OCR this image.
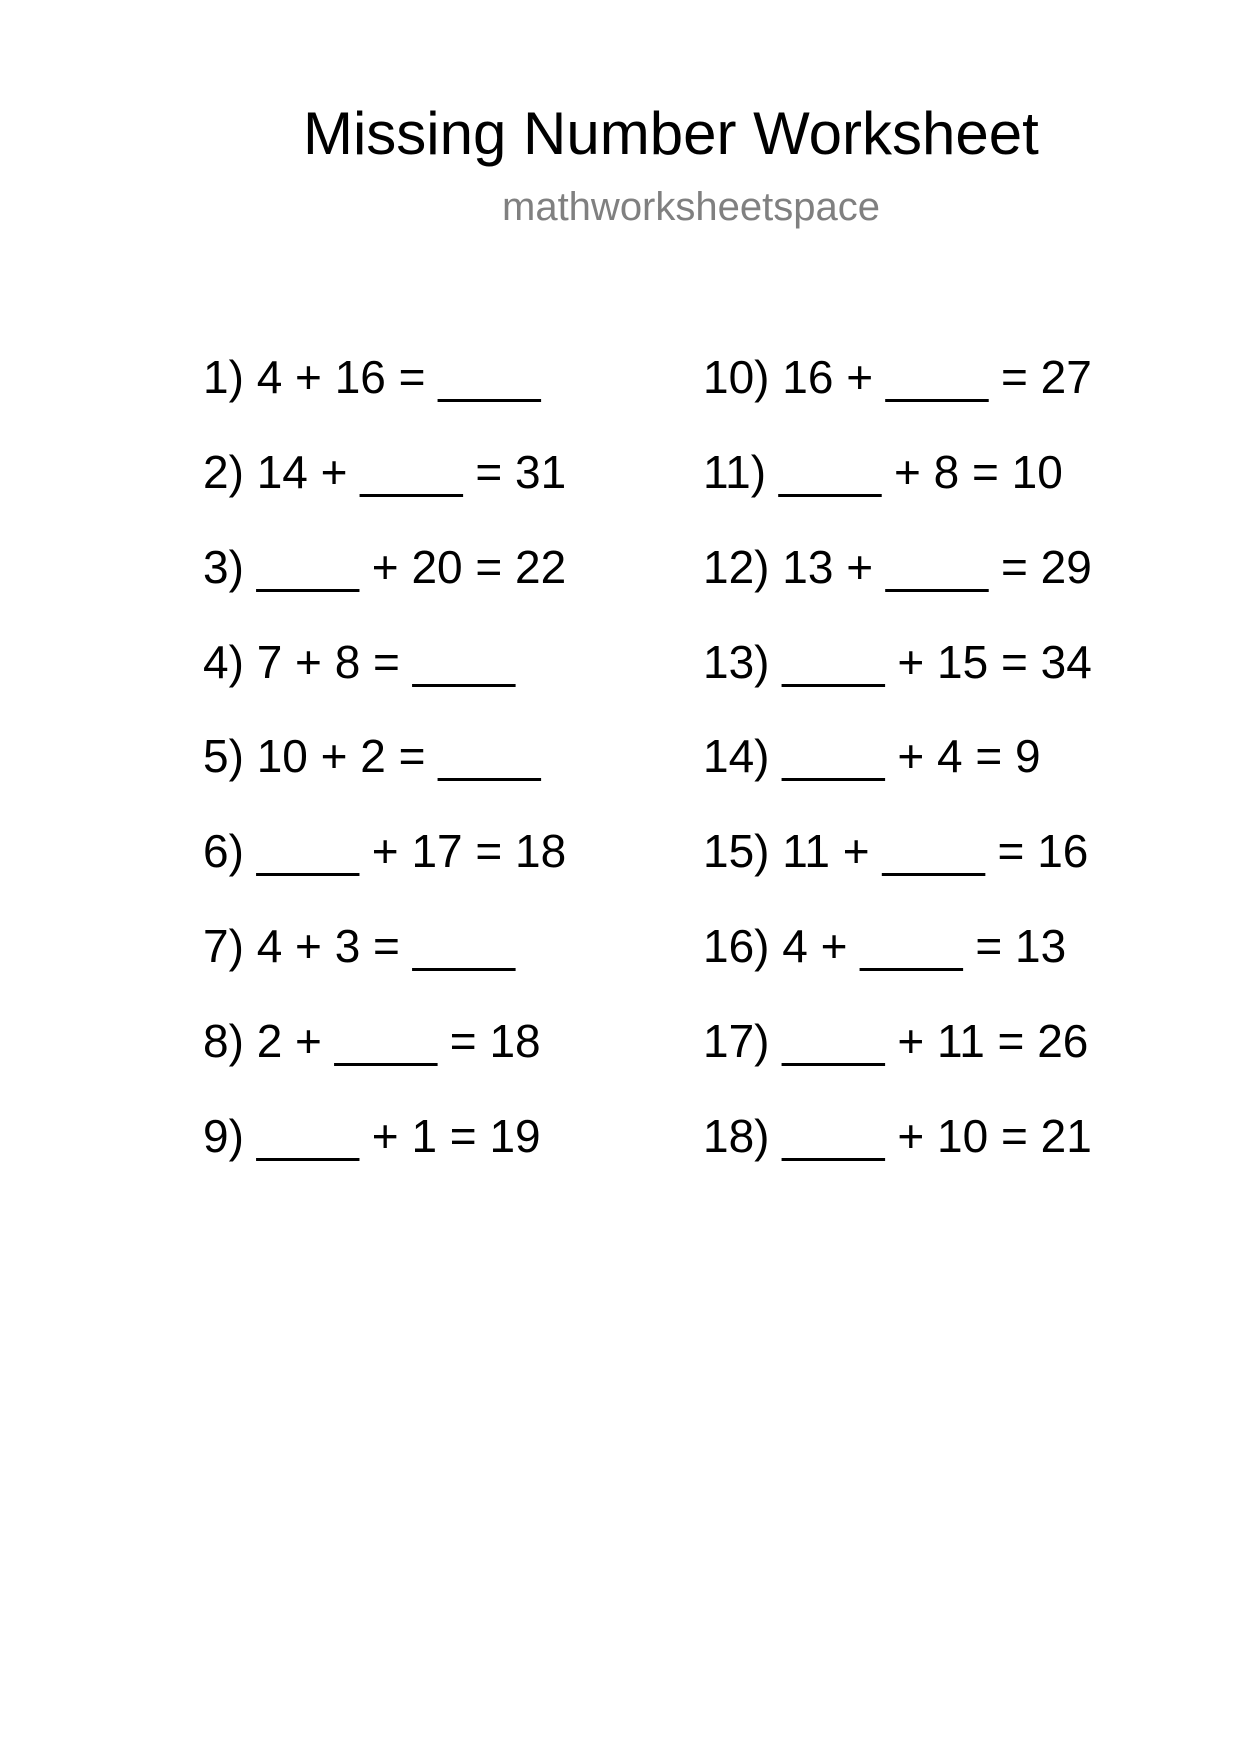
Missing Number Worksheet
mathworksheetspace
1) 4 + 16 = ____
2) 14 + ____ = 31
3) ____ + 20 = 22
4) 7 + 8 = ____
5) 10 + 2 = ____
6) ____ + 17 = 18
7) 4 + 3 = ____
8) 2 + ____ = 18
9) ____ + 1 = 19
10) 16 + ____ = 27
11) ____ + 8 = 10
12) 13 + ____ = 29
13) ____ + 15 = 34
14) ____ + 4 = 9
15) 11 + ____ = 16
16) 4 + ____ = 13
17) ____ + 11 = 26
18) ____ + 10 = 21
